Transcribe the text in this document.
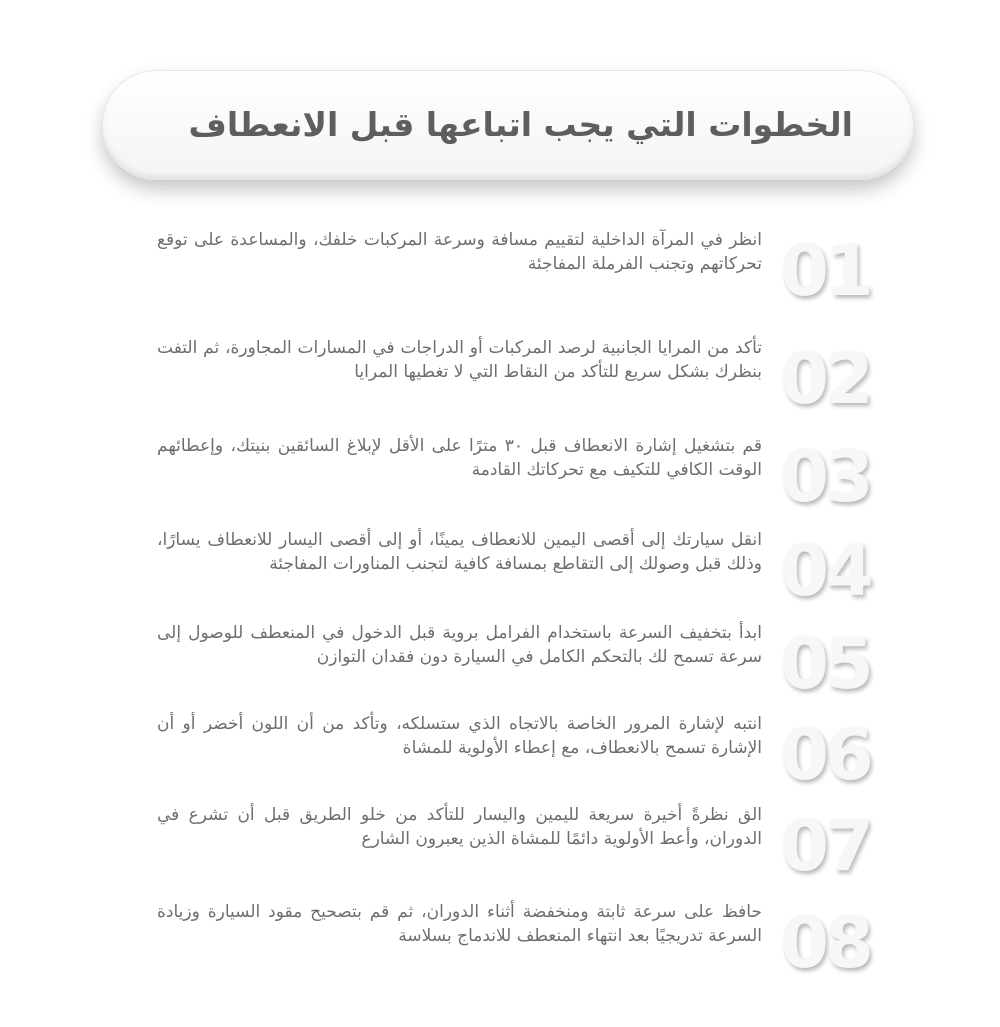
الخطوات التي يجب اتباعها قبل الانعطاف
01
انظر في المرآة الداخلية لتقييم مسافة وسرعة المركبات خلفك، والمساعدة على توقع تحركاتهم وتجنب الفرملة المفاجئة
02
تأكد من المرايا الجانبية لرصد المركبات أو الدراجات في المسارات المجاورة، ثم التفت بنظرك بشكل سريع للتأكد من النقاط التي لا تغطيها المرايا
03
قم بتشغيل إشارة الانعطاف قبل ٣٠ مترًا على الأقل لإبلاغ السائقين بنيتك، وإعطائهم الوقت الكافي للتكيف مع تحركاتك القادمة
04
انقل سيارتك إلى أقصى اليمين للانعطاف يمينًا، أو إلى أقصى اليسار للانعطاف يسارًا، وذلك قبل وصولك إلى التقاطع بمسافة كافية لتجنب المناورات المفاجئة
05
ابدأ بتخفيف السرعة باستخدام الفرامل بروية قبل الدخول في المنعطف للوصول إلى سرعة تسمح لك بالتحكم الكامل في السيارة دون فقدان التوازن
06
انتبه لإشارة المرور الخاصة بالاتجاه الذي ستسلكه، وتأكد من أن اللون أخضر أو أن الإشارة تسمح بالانعطاف، مع إعطاء الأولوية للمشاة
07
الق نظرةً أخيرة سريعة لليمين واليسار للتأكد من خلو الطريق قبل أن تشرع في الدوران، وأعط الأولوية دائمًا للمشاة الذين يعبرون الشارع
08
حافظ على سرعة ثابتة ومنخفضة أثناء الدوران، ثم قم بتصحيح مقود السيارة وزيادة السرعة تدريجيًا بعد انتهاء المنعطف للاندماج بسلاسة
